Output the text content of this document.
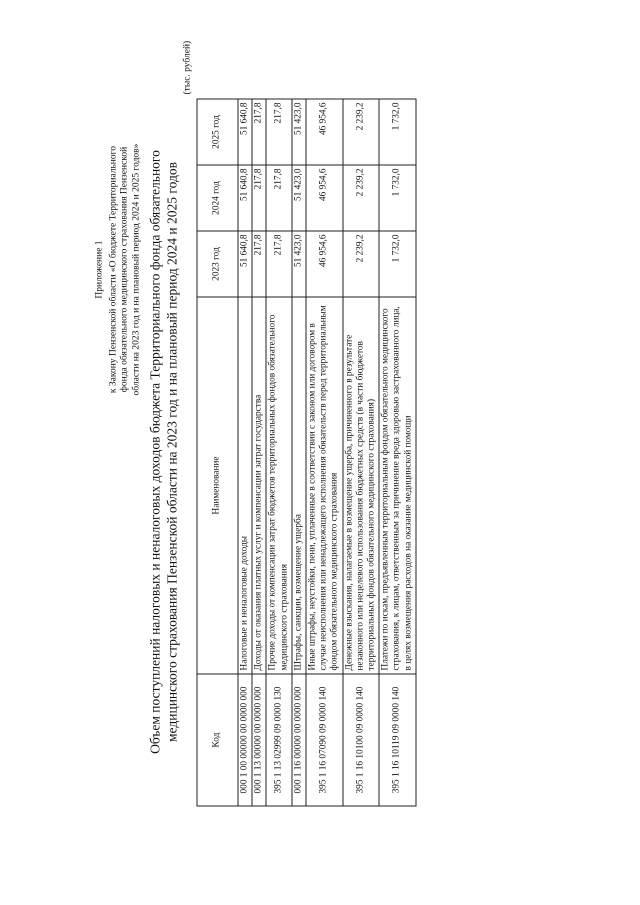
Приложение 1 к Закону Пензенской области «О бюджете Территориального фонда обязательного медицинского страхования Пензенской области на 2023 год и на плановый период 2024 и 2025 годов» Объем поступлений налоговых и неналоговых доходов бюджета Территориального фонда обязательного медицинского страхования Пензенской области на 2023 год и на плановый период 2024 и 2025 годов
(тыс. рублей)
Код	Наименование	2023 год	2024 год	2025 год
000 1 00 00000 00 0000 000	Налоговые и неналоговые доходы	51 640,8	51 640,8	51 640,8
000 1 13 00000 00 0000 000	Доходы от оказания платных услуг и компенсации затрат государства	217,8	217,8	217,8
395 1 13 02999 09 0000 130	Прочие доходы от компенсации затрат бюджетов территориальных фондов обязательного медицинского страхования	217,8	217,8	217,8
000 1 16 00000 00 0000 000	Штрафы, санкции, возмещение ущерба	51 423,0	51 423,0	51 423,0
395 1 16 07090 09 0000 140	Иные штрафы, неустойки, пени, уплаченные в соответствии с законом или договором в случае неисполнения или ненадлежащего исполнения обязательств перед территориальным фондом обязательного медицинского страхования	46 954,6	46 954,6	46 954,6
395 1 16 10100 09 0000 140	Денежные взыскания, налагаемые в возмещение ущерба, причиненного в результате незаконного или нецелевого использования бюджетных средств (в части бюджетов территориальных фондов обязательного медицинского страхования)	2 239,2	2 239,2	2 239,2
395 1 16 10119 09 0000 140	Платежи по искам, предъявленным территориальным фондом обязательного медицинского страхования, к лицам, ответственным за причинение вреда здоровью застрахованного лица, в целях возмещения расходов на оказание медицинской помощи	1 732,0	1 732,0	1 732,0
